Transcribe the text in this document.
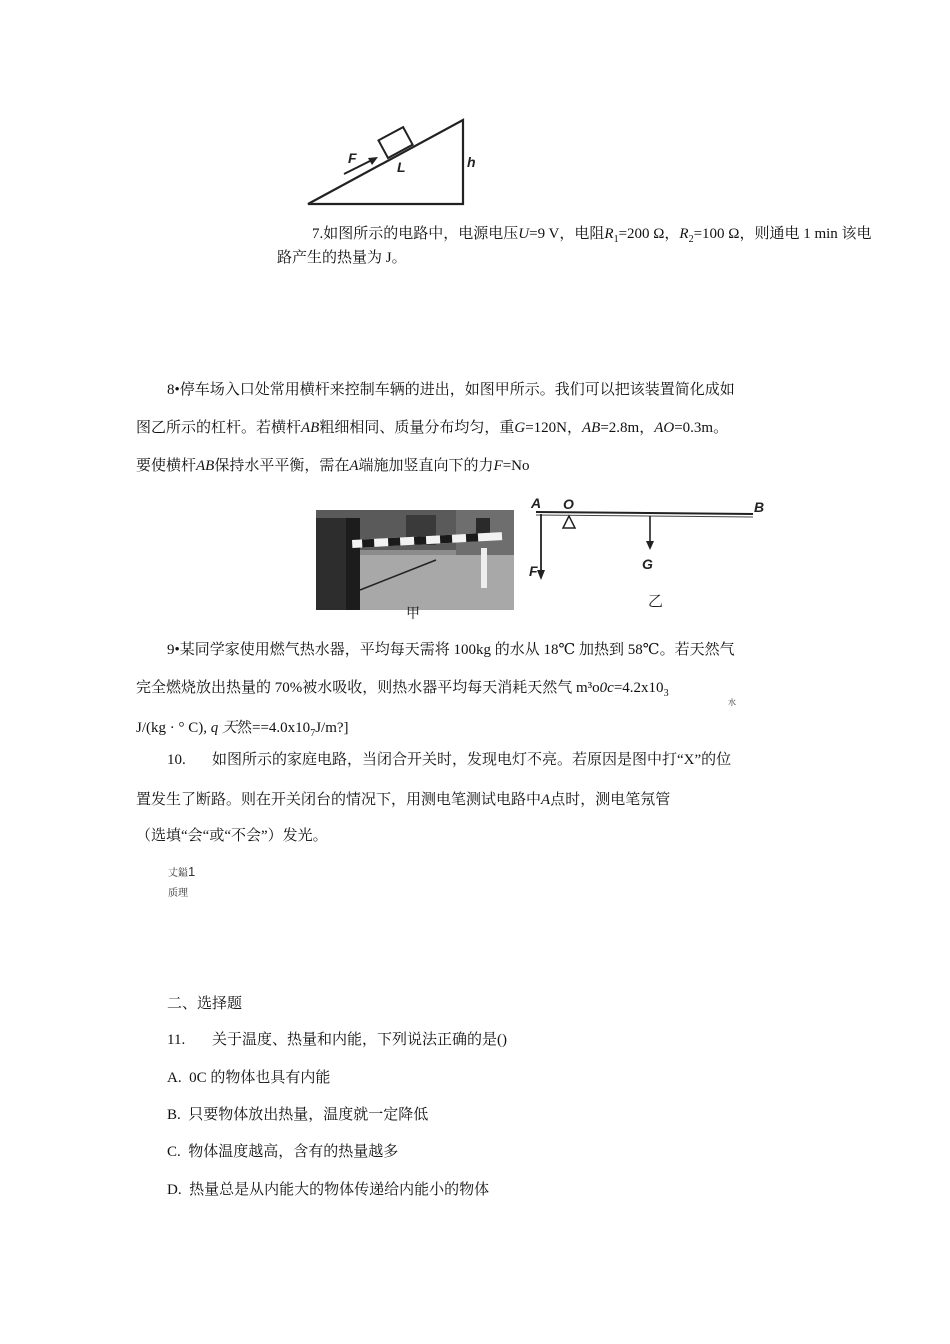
F
L	h
7.如图所示的电路中，电源电压U=9 V，电阻$R_1=200$ Ω，$R_2=100$ Ω，则通电 1 min 该电
路产生的热量为 J。
8•停车场入口处常用横杆来控制车辆的进出，如图甲所示。我们可以把该装置简化成如
图乙所示的杠杆。若横杆AB粗细相同、质量分布均匀，重G=120N，AB=2.8m，AO=0.3m。
要使横杆AB保持水平平衡，需在A端施加竖直向下的力F=No
甲
A O	B
F	G
乙
9•某同学家使用燃气热水器，平均每天需将 100kg 的水从 18℃ 加热到 58℃。若天然气
完全燃烧放出热量的 70%被水吸收，则热水器平均每天消耗天然气 $m^3o0c=4.2x10_3$
水
J/(kg · ° C), q 天然$==4.0x10_7J/m$?]
10. 如图所示的家庭电路，当闭合开关时，发现电灯不亮。若原因是图中打“X”的位
置发生了断路。则在开关闭台的情况下，用测电笔测试电路中A点时，测电笔氖管
（选填“会“或“不会”）发光。
丈鎰1
质理
二、选择题
11. 关于温度、热量和内能，下列说法正确的是()
A. 0C 的物体也具有内能
B. 只要物体放出热量，温度就一定降低
C. 物体温度越高，含有的热量越多
D. 热量总是从内能大的物体传递给内能小的物体
